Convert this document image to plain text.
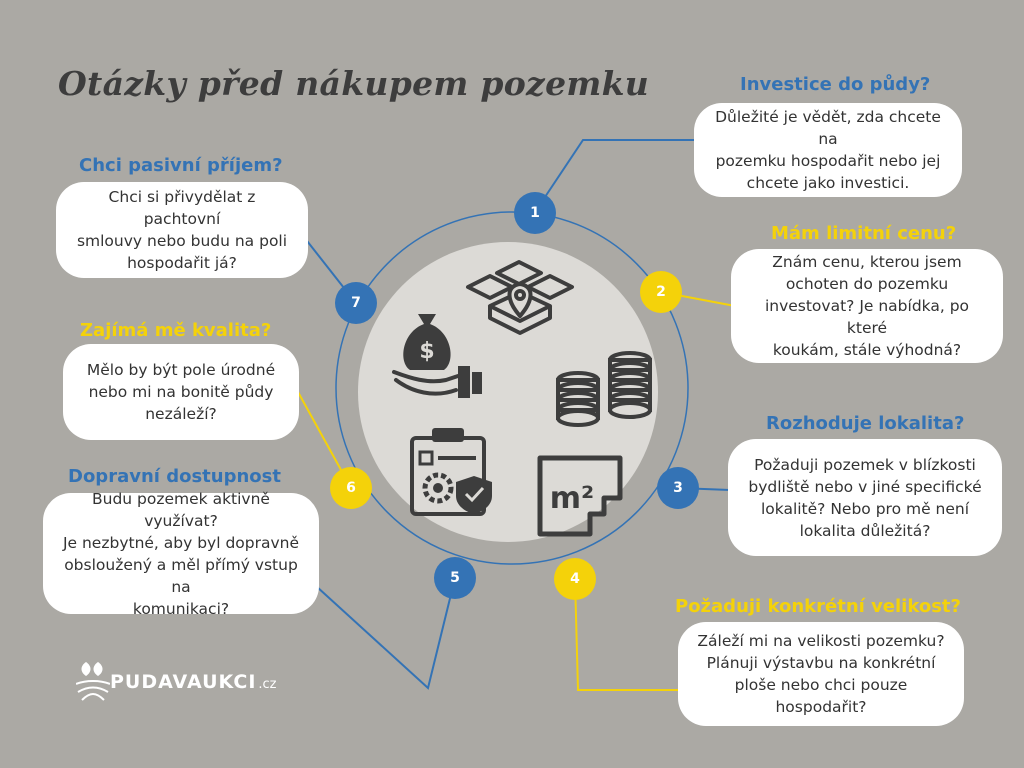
$
m²
Otázky před nákupem pozemku	Investice do půdy?
Důležité je vědět, zda chcete na
pozemku hospodařit nebo jej
chcete jako investici.
1
Mám limitní cenu?
Znám cenu, kterou jsem
ochoten do pozemku
investovat? Je nabídka, po které
koukám, stále výhodná?
2
Rozhoduje lokalita?
Požaduji pozemek v blízkosti
bydliště nebo v jiné specifické
lokalitě? Nebo pro mě není
lokalita důležitá?
3
Požaduji konkrétní velikost?
Záleží mi na velikosti pozemku?
Plánuji výstavbu na konkrétní
ploše nebo chci pouze hospodařit?
4
Dopravní dostupnost
Budu pozemek aktivně využívat?
Je nezbytné, aby byl dopravně
obsloužený a měl přímý vstup na
komunikaci?
5
Zajímá mě kvalita?
Mělo by být pole úrodné
nebo mi na bonitě půdy
nezáleží?
6
Chci pasivní příjem?
Chci si přivydělat z pachtovní
smlouvy nebo budu na poli
hospodařit já?
7
PUDAVAUKCI .cz
